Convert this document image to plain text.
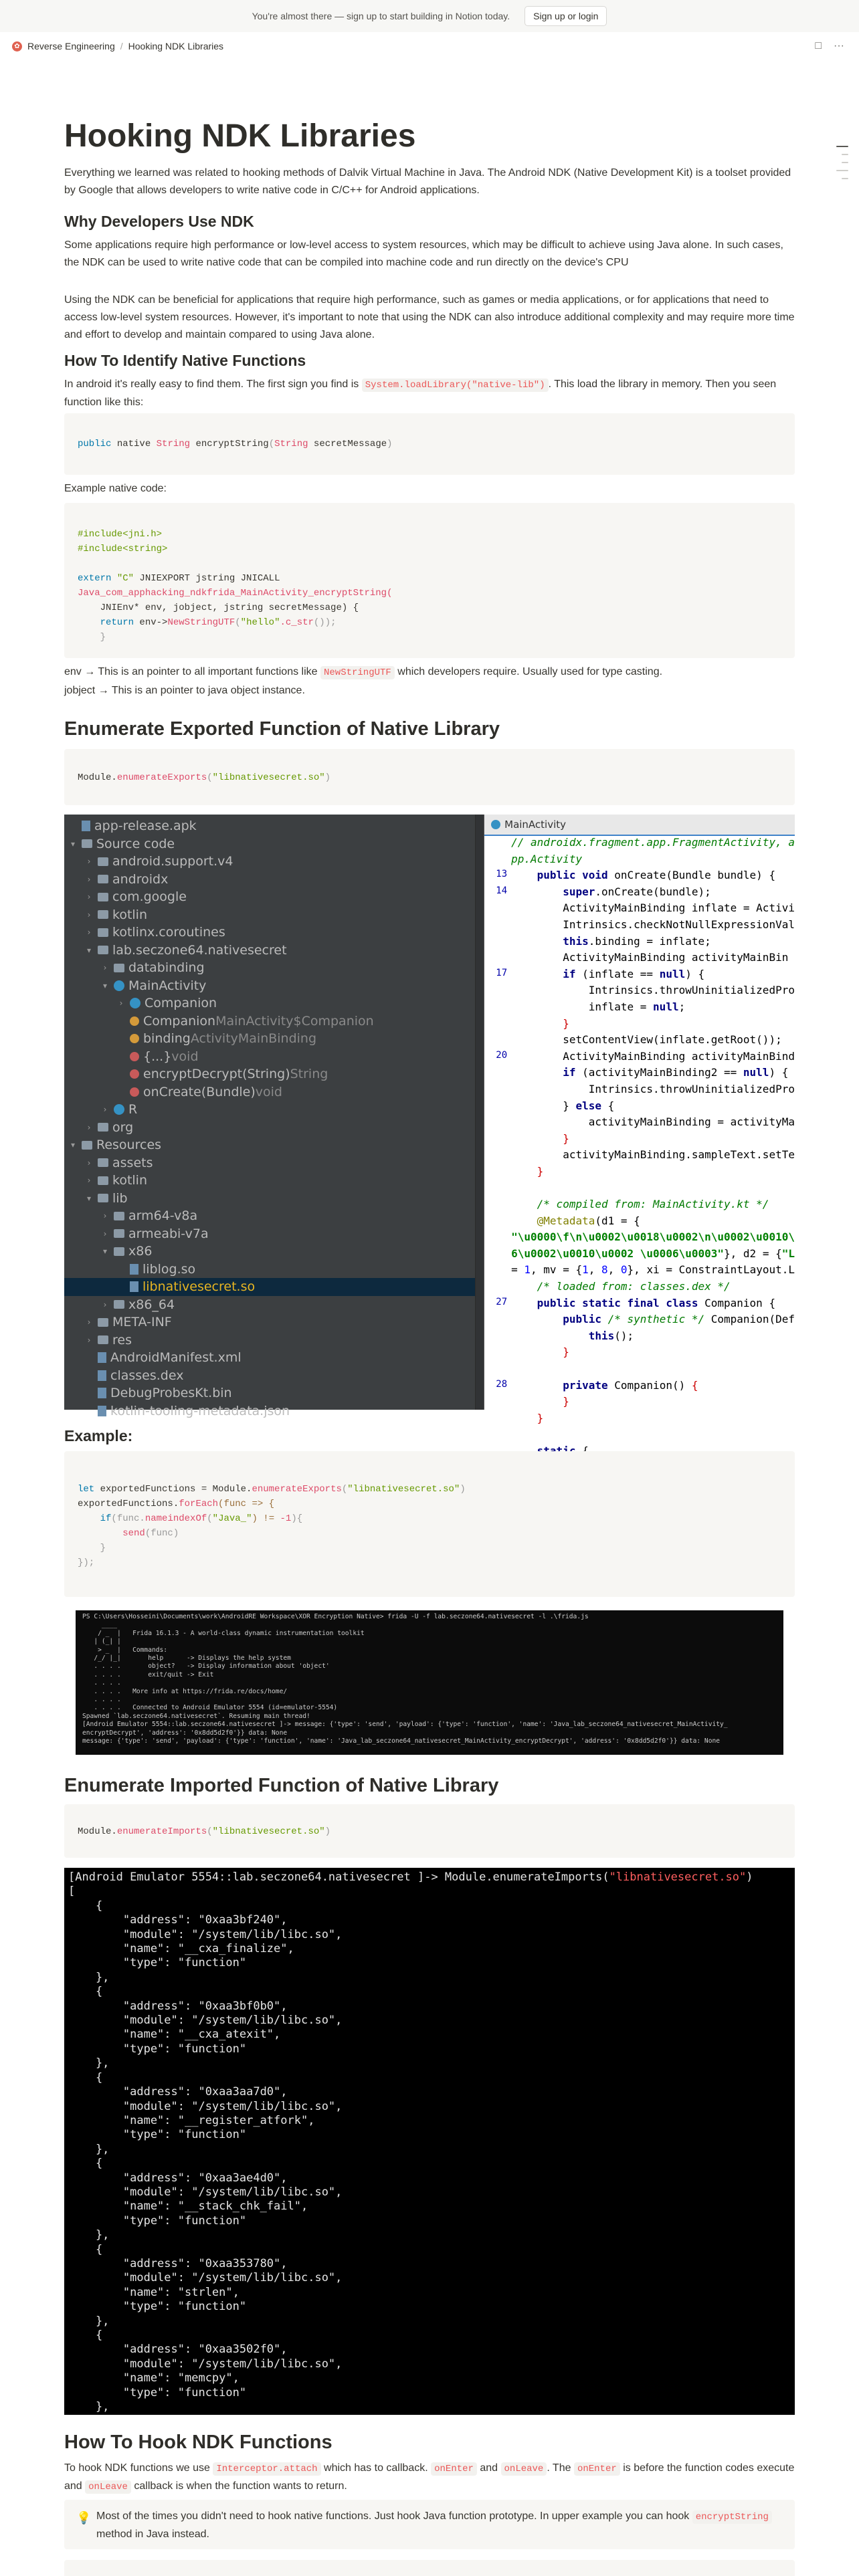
You're almost there — sign up to start building in Notion today.	Sign up or login
✿ Reverse Engineering / Hooking NDK Libraries	□ ···
Hooking NDK Libraries
Everything we learned was related to hooking methods of Dalvik Virtual Machine in Java. The Android NDK (Native Development Kit) is a toolset provided by Google that allows developers to write native code in C/C++ for Android applications.
Why Developers Use NDK
Some applications require high performance or low-level access to system resources, which may be difficult to achieve using Java alone. In such cases, the NDK can be used to write native code that can be compiled into machine code and run directly on the device's CPU
Using the NDK can be beneficial for applications that require high performance, such as games or media applications, or for applications that need to access low-level system resources. However, it's important to note that using the NDK can also introduce additional complexity and may require more time and effort to develop and maintain compared to using Java alone.
How To Identify Native Functions
In android it's really easy to find them. The first sign you find is System.loadLibrary("native-lib") . This load the library in memory. Then you seen function like this:
public native String encryptString(String secretMessage)
Example native code:
#include<jni.h>
#include<string>
extern "C" JNIEXPORT jstring JNICALL
Java_com_apphacking_ndkfrida_MainActivity_encryptString(
JNIEnv* env, jobject, jstring secretMessage) {
return env->NewStringUTF("hello".c_str());
}
env → This is an pointer to all important functions like NewStringUTF which developers require. Usually used for type casting.
jobject → This is an pointer to java object instance.
Enumerate Exported Function of Native Library
Module.enumerateExports("libnativesecret.so")
app-release.apk
▾ Source code
› android.support.v4
› androidx
› com.google
› kotlin
› kotlinx.coroutines
▾ lab.seczone64.nativesecret
› databinding
▾ MainActivity
› Companion
Companion MainActivity$Companion
binding ActivityMainBinding
{...} void
encryptDecrypt(String) String
onCreate(Bundle) void
› R
› org
▾ Resources
› assets
› kotlin
▾ lib
› arm64-v8a
› armeabi-v7a
▾ x86
liblog.so
libnativesecret.so
› x86_64
› META-INF
› res
AndroidManifest.xml
classes.dex
DebugProbesKt.bin
kotlin-tooling-metadata.json
MainActivity
// androidx.fragment.app.FragmentActivity, a
pp.Activity
13	public void onCreate(Bundle bundle) {
14	super.onCreate(bundle);
ActivityMainBinding inflate = Activi
Intrinsics.checkNotNullExpressionVal
this.binding = inflate;
ActivityMainBinding activityMainBin
17	if (inflate == null) {
Intrinsics.throwUninitializedPro
inflate = null;
}
setContentView(inflate.getRoot());
20 ActivityMainBinding activityMainBind
if (activityMainBinding2 == null) {
Intrinsics.throwUninitializedPro
} else {
activityMainBinding = activityMa
}
activityMainBinding.sampleText.setTe
}
/* compiled from: MainActivity.kt */
@Metadata(d1 = {
"\u0000\f\n\u0002\u0018\u0002\n\u0002\u0010\
6\u0002\u0010\u0002 \u0006\u0003"}, d2 = {"L
= 1, mv = {1, 8, 0}, xi = ConstraintLayout.L
/* loaded from: classes.dex */
27	public static final class Companion {
public /* synthetic */ Companion(Def
this();
}
28	private Companion() {
}
}

Example:
let exportedFunctions = Module.enumerateExports("libnativesecret.so")
exportedFunctions.forEach(func => {
if(func.nameindexOf("Java_") != -1){
send(func)
}
});
PS C:\Users\Hosseini\Documents\work\AndroidRE Workspace\XOR Encryption Native> frida -U -f lab.seczone64.nativesecret -l .\frida.js
____
/ _  |   Frida 16.1.3 - A world-class dynamic instrumentation toolkit
| (_| |
> _  |   Commands:
/_/ |_|       help      -> Displays the help system
. . . .       object?   -> Display information about 'object'
. . . .       exit/quit -> Exit
. . . .
. . . .   More info at https://frida.re/docs/home/
. . . .
. . . .   Connected to Android Emulator 5554 (id=emulator-5554)
Spawned `lab.seczone64.nativesecret`. Resuming main thread!
[Android Emulator 5554::lab.seczone64.nativesecret ]-> message: {'type': 'send', 'payload': {'type': 'function', 'name': 'Java_lab_seczone64_nativesecret_MainActivity_
encryptDecrypt', 'address': '0x8dd5d2f0'}} data: None
message: {'type': 'send', 'payload': {'type': 'function', 'name': 'Java_lab_seczone64_nativesecret_MainActivity_encryptDecrypt', 'address': '0x8dd5d2f0'}} data: None
Enumerate Imported Function of Native Library
Module.enumerateImports("libnativesecret.so")
[Android Emulator 5554::lab.seczone64.nativesecret ]-> Module.enumerateImports("libnativesecret.so")
[
{
"address": "0xaa3bf240",
"module": "/system/lib/libc.so",
"name": "__cxa_finalize",
"type": "function"
},
{
"address": "0xaa3bf0b0",
"module": "/system/lib/libc.so",
"name": "__cxa_atexit",
"type": "function"
},
{
"address": "0xaa3aa7d0",
"module": "/system/lib/libc.so",
"name": "__register_atfork",
"type": "function"
},
{
"address": "0xaa3ae4d0",
"module": "/system/lib/libc.so",
"name": "__stack_chk_fail",
"type": "function"
},
{
"address": "0xaa353780",
"module": "/system/lib/libc.so",
"name": "strlen",
"type": "function"
},
{
"address": "0xaa3502f0",
"module": "/system/lib/libc.so",
"name": "memcpy",
"type": "function"
},
How To Hook NDK Functions
To hook NDK functions we use Interceptor.attach which has to callback. onEnter and onLeave . The onEnter is before the function codes execute and onLeave callback is when the function wants to return.
💡 Most of the times you didn't need to hook native functions. Just hook Java function prototype. In upper example you can hook encryptString method in Java instead.
